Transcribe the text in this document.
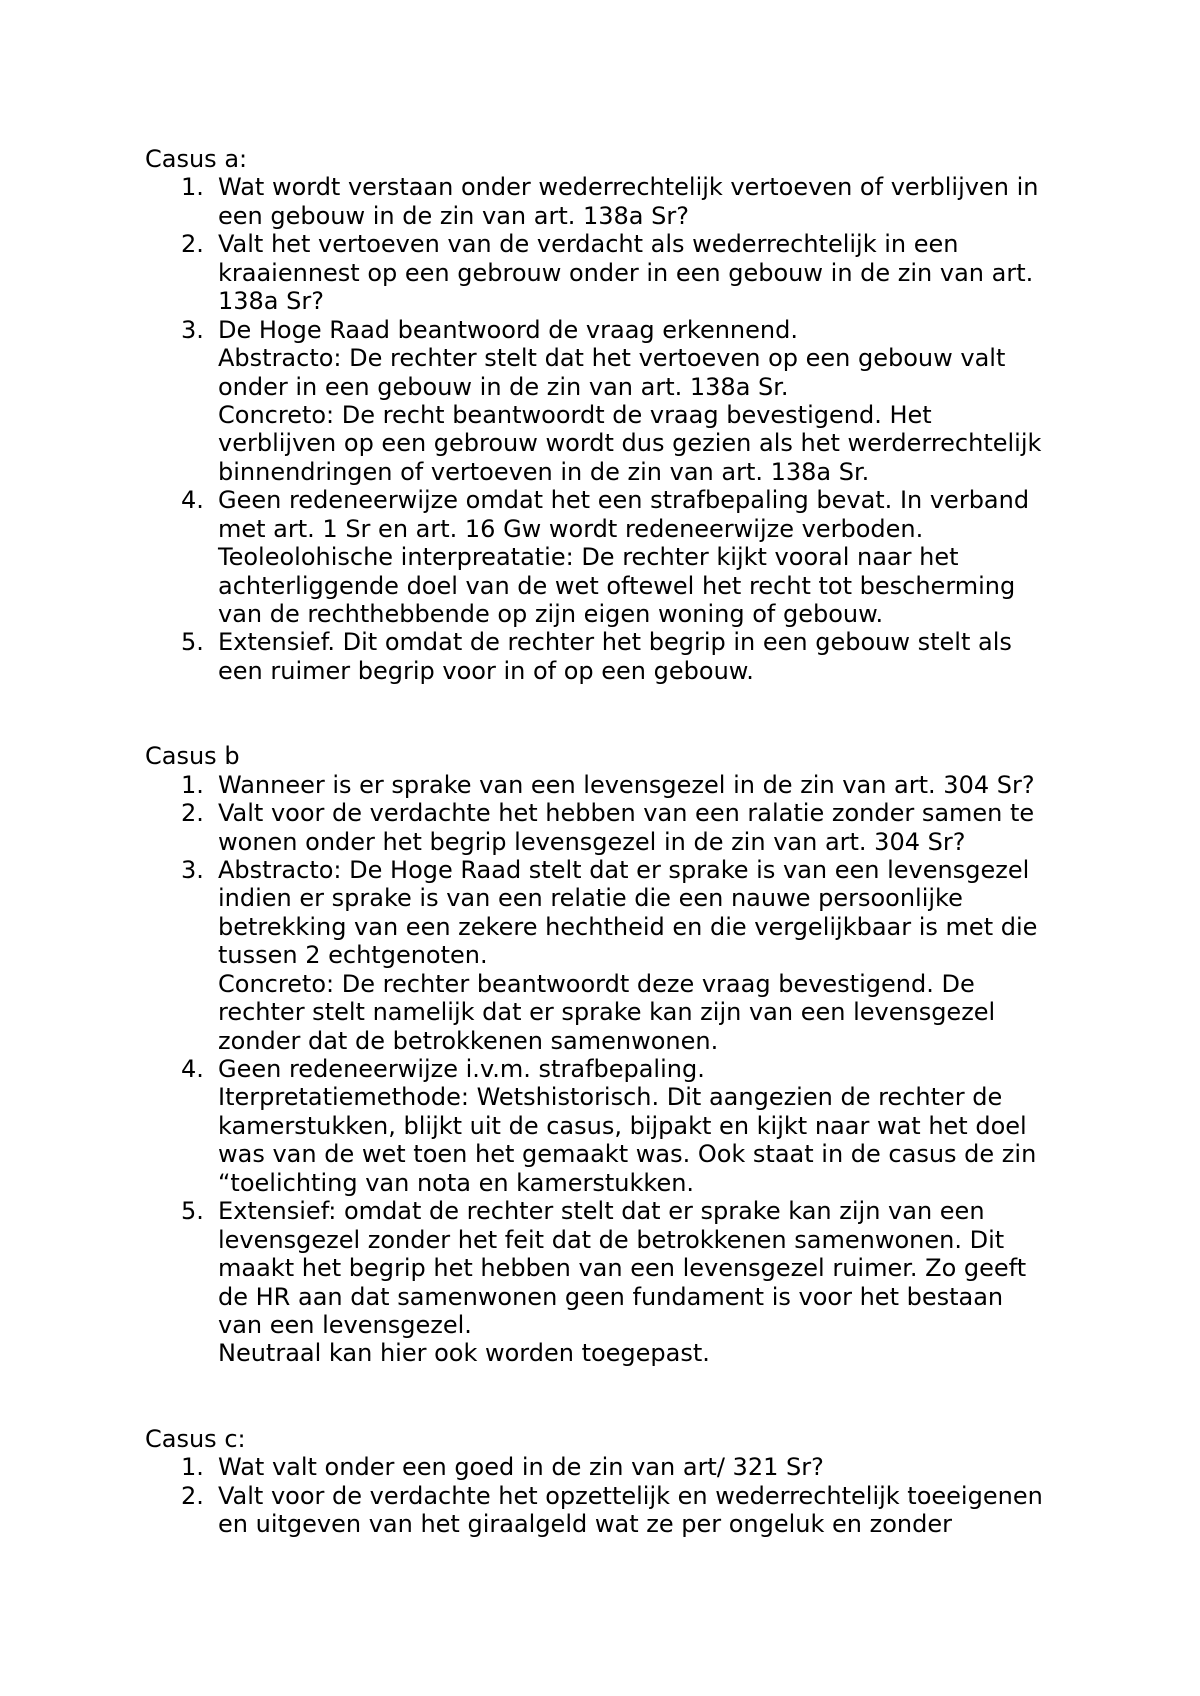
Casus a:
1. Wat wordt verstaan onder wederrechtelijk vertoeven of verblijven in
een gebouw in de zin van art. 138a Sr?
2. Valt het vertoeven van de verdacht als wederrechtelijk in een
kraaiennest op een gebrouw onder in een gebouw in de zin van art.
138a Sr?
3. De Hoge Raad beantwoord de vraag erkennend.
Abstracto: De rechter stelt dat het vertoeven op een gebouw valt
onder in een gebouw in de zin van art. 138a Sr.
Concreto: De recht beantwoordt de vraag bevestigend. Het
verblijven op een gebrouw wordt dus gezien als het werderrechtelijk
binnendringen of vertoeven in de zin van art. 138a Sr.
4. Geen redeneerwijze omdat het een strafbepaling bevat. In verband
met art. 1 Sr en art. 16 Gw wordt redeneerwijze verboden.
Teoleolohische interpreatatie: De rechter kijkt vooral naar het
achterliggende doel van de wet oftewel het recht tot bescherming
van de rechthebbende op zijn eigen woning of gebouw.
5. Extensief. Dit omdat de rechter het begrip in een gebouw stelt als
een ruimer begrip voor in of op een gebouw.
Casus b
1. Wanneer is er sprake van een levensgezel in de zin van art. 304 Sr?
2. Valt voor de verdachte het hebben van een ralatie zonder samen te
wonen onder het begrip levensgezel in de zin van art. 304 Sr?
3. Abstracto: De Hoge Raad stelt dat er sprake is van een levensgezel
indien er sprake is van een relatie die een nauwe persoonlijke
betrekking van een zekere hechtheid en die vergelijkbaar is met die
tussen 2 echtgenoten.
Concreto: De rechter beantwoordt deze vraag bevestigend. De
rechter stelt namelijk dat er sprake kan zijn van een levensgezel
zonder dat de betrokkenen samenwonen.
4. Geen redeneerwijze i.v.m. strafbepaling.
Iterpretatiemethode: Wetshistorisch. Dit aangezien de rechter de
kamerstukken, blijkt uit de casus, bijpakt en kijkt naar wat het doel
was van de wet toen het gemaakt was. Ook staat in de casus de zin
“toelichting van nota en kamerstukken.
5. Extensief: omdat de rechter stelt dat er sprake kan zijn van een
levensgezel zonder het feit dat de betrokkenen samenwonen. Dit
maakt het begrip het hebben van een levensgezel ruimer. Zo geeft
de HR aan dat samenwonen geen fundament is voor het bestaan
van een levensgezel.
Neutraal kan hier ook worden toegepast.
Casus c:
1. Wat valt onder een goed in de zin van art/ 321 Sr?
2. Valt voor de verdachte het opzettelijk en wederrechtelijk toeeigenen
en uitgeven van het giraalgeld wat ze per ongeluk en zonder
